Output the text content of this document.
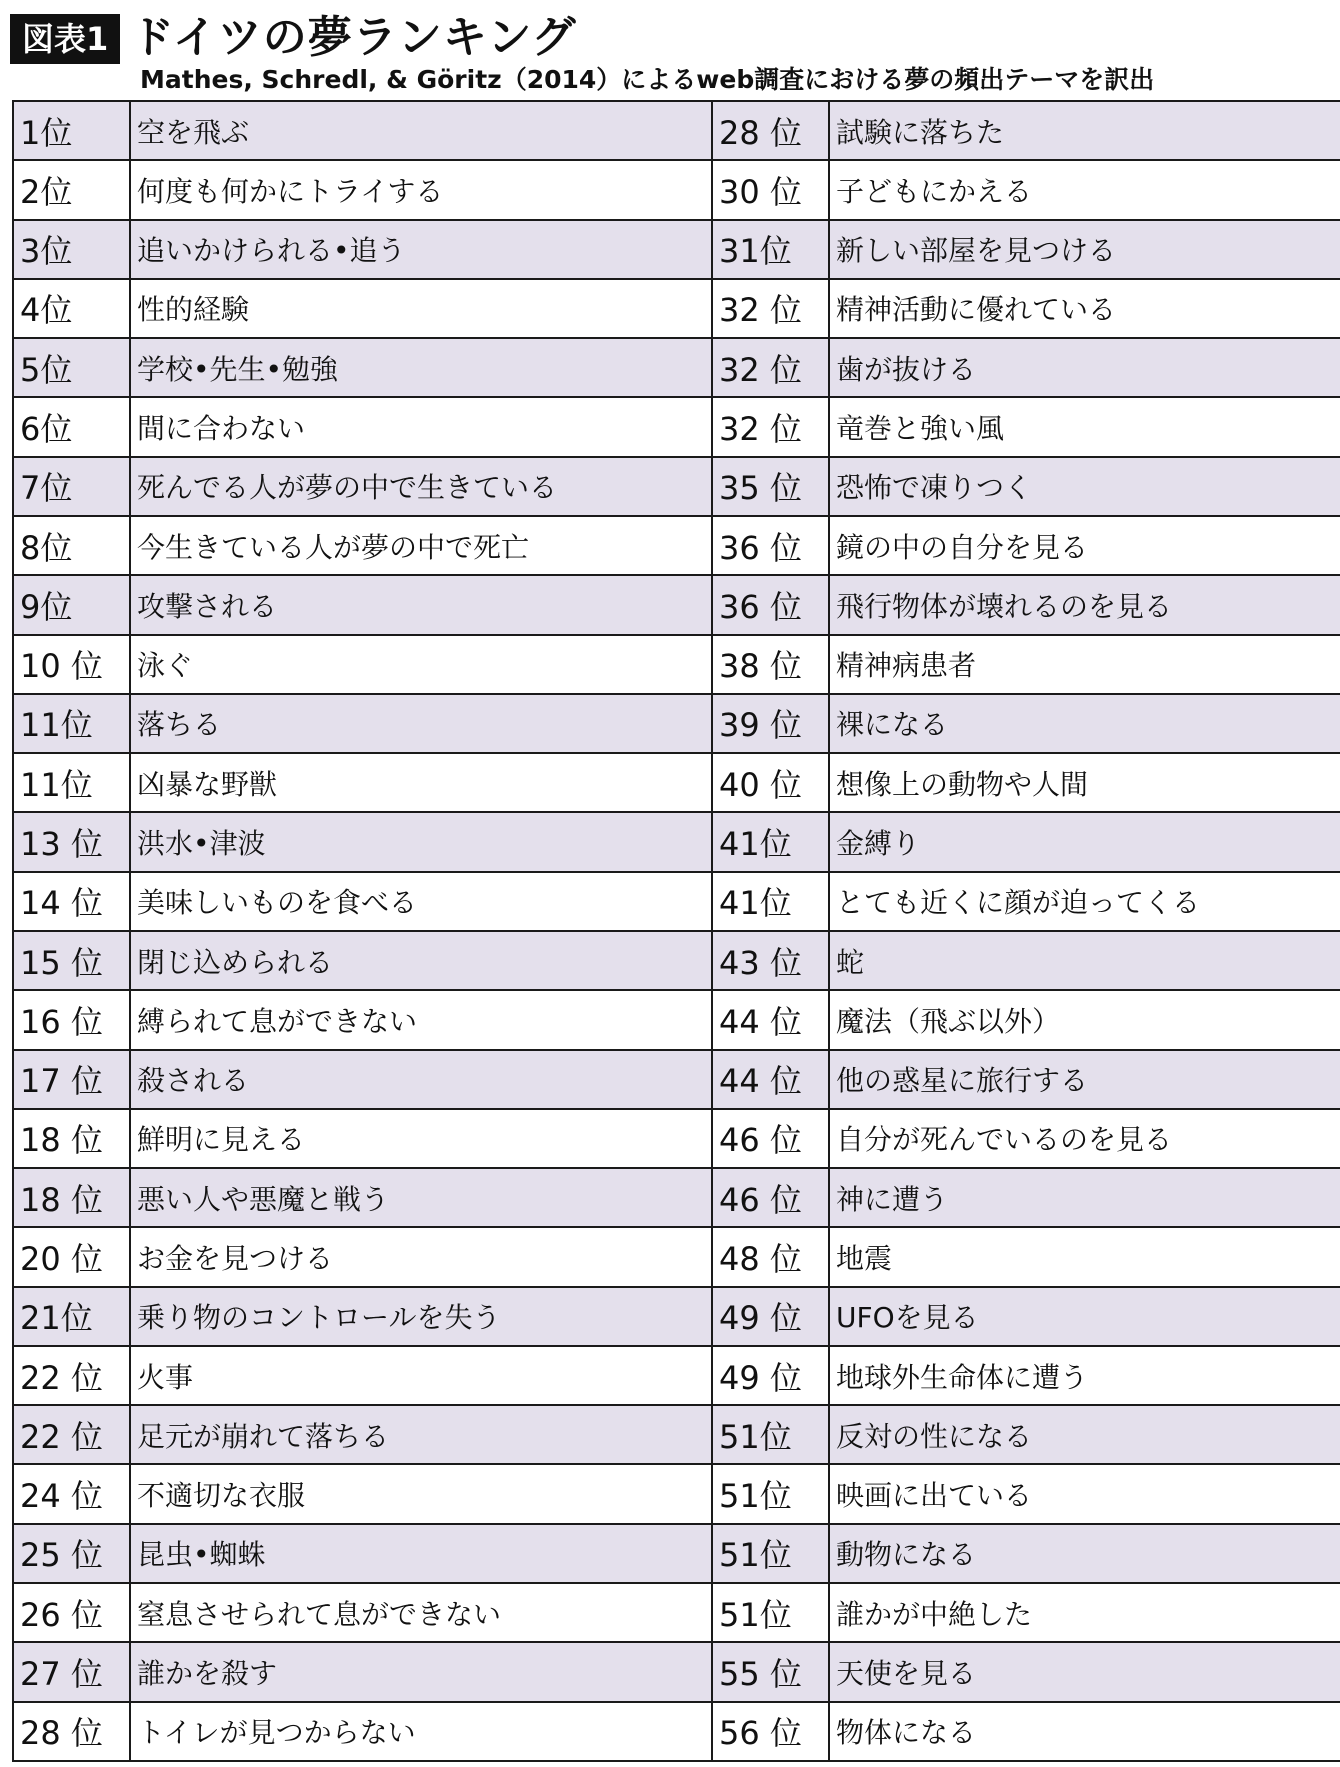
図表1 ドイツの夢ランキング
Mathes, Schredl, & Göritz（2014）によるweb調査における夢の頻出テーマを訳出
1位	空を飛ぶ	28 位	試験に落ちた
2位	何度も何かにトライする	30 位	子どもにかえる
3位	追いかけられる•追う	31位	新しい部屋を見つける
4位	性的経験	32 位	精神活動に優れている
5位	学校•先生•勉強	32 位	歯が抜ける
6位	間に合わない	32 位	竜巻と強い風
7位	死んでる人が夢の中で生きている	35 位	恐怖で凍りつく
8位	今生きている人が夢の中で死亡	36 位	鏡の中の自分を見る
9位	攻撃される	36 位	飛行物体が壊れるのを見る
10 位	泳ぐ	38 位	精神病患者
11位	落ちる	39 位	裸になる
11位	凶暴な野獣	40 位	想像上の動物や人間
13 位	洪水•津波	41位	金縛り
14 位	美味しいものを食べる	41位	とても近くに顔が迫ってくる
15 位	閉じ込められる	43 位	蛇
16 位	縛られて息ができない	44 位	魔法（飛ぶ以外）
17 位	殺される	44 位	他の惑星に旅行する
18 位	鮮明に見える	46 位	自分が死んでいるのを見る
18 位	悪い人や悪魔と戦う	46 位	神に遭う
20 位	お金を見つける	48 位	地震
21位	乗り物のコントロールを失う	49 位	UFOを見る
22 位	火事	49 位	地球外生命体に遭う
22 位	足元が崩れて落ちる	51位	反対の性になる
24 位	不適切な衣服	51位	映画に出ている
25 位	昆虫•蜘蛛	51位	動物になる
26 位	窒息させられて息ができない	51位	誰かが中絶した
27 位	誰かを殺す	55 位	天使を見る
28 位	トイレが見つからない	56 位	物体になる
